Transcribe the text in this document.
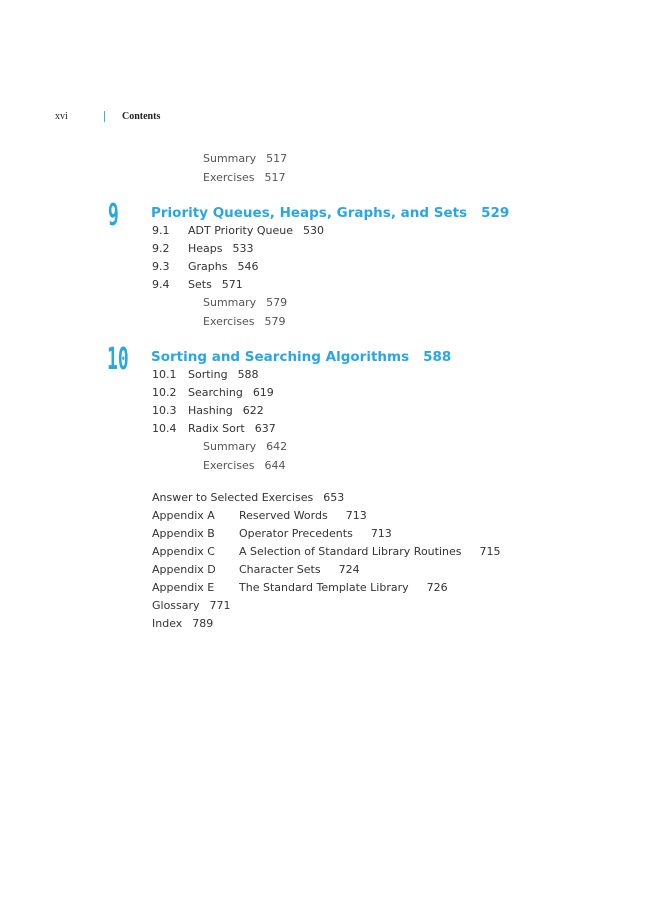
xvi	Contents
Summary 517
Exercises 517
9 Priority Queues, Heaps, Graphs, and Sets 529
9.1 ADT Priority Queue 530
9.2 Heaps 533
9.3 Graphs 546
9.4 Sets 571
Summary 579
Exercises 579
10 Sorting and Searching Algorithms 588
10.1 Sorting 588
10.2 Searching 619
10.3 Hashing 622
10.4 Radix Sort 637
Summary 642
Exercises 644
Answer to Selected Exercises 653
Appendix A Reserved Words 713
Appendix B Operator Precedents 713
Appendix C A Selection of Standard Library Routines 715
Appendix D Character Sets 724
Appendix E The Standard Template Library 726
Glossary 771
Index 789
